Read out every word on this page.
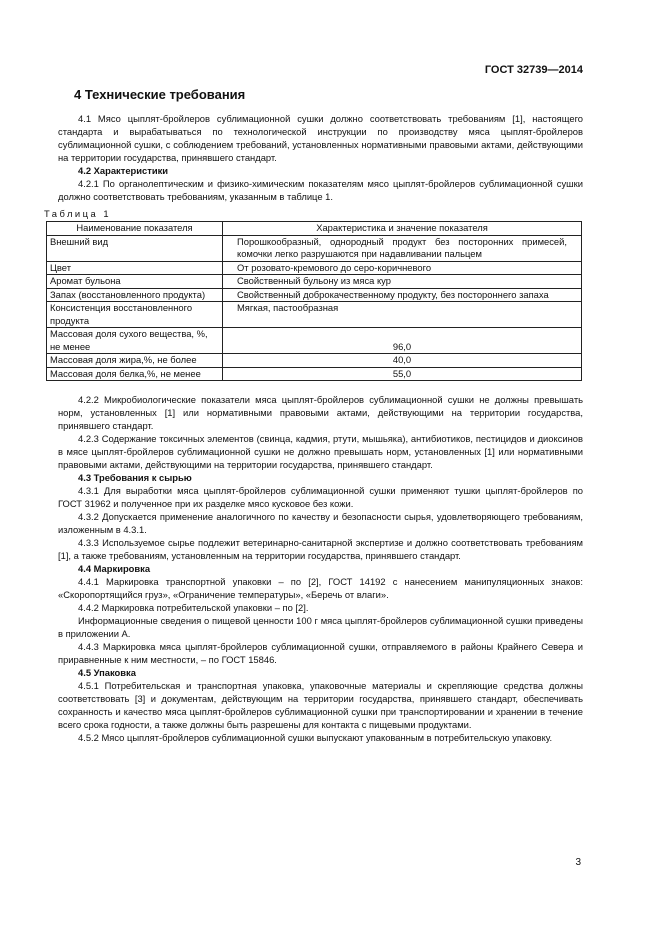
ГОСТ 32739—2014
4 Технические требования

4.1 Мясо цыплят-бройлеров сублимационной сушки должно соответствовать требованиям [1], настоящего стандарта и вырабатываться по технологической инструкции по производству мяса цыплят-бройлеров сублимационной сушки, с соблюдением требований, установленных нормативными правовыми актами, действующими на территории государства, принявшего стандарт.

4.2 Характеристики

4.2.1 По органолептическим и физико-химическим показателям мясо цыплят-бройлеров сублимационной сушки должно соответствовать требованиям, указанным в таблице 1.

Таблица 1
Наименование показателя	Характеристика и значение показателя
Внешний вид	Порошкообразный, однородный продукт без посторонних примесей, комочки легко разрушаются при надавливании пальцем
Цвет	От розовато-кремового до серо-коричневого
Аромат бульона	Свойственный бульону из мяса кур
Запах (восстановленного продукта)	Свойственный доброкачественному продукту, без постороннего запаха
Консистенция восстановленного продукта	Мягкая, пастообразная
Массовая доля сухого вещества, %, не менее	96,0
Массовая доля жира,%, не более	40,0
Массовая доля белка,%, не менее	55,0

4.2.2 Микробиологические показатели мяса цыплят-бройлеров сублимационной сушки не должны превышать норм, установленных [1] или нормативными правовыми актами, действующими на территории государства, принявшего стандарт.

4.2.3 Содержание токсичных элементов (свинца, кадмия, ртути, мышьяка), антибиотиков, пестицидов и диоксинов в мясе цыплят-бройлеров сублимационной сушки не должно превышать норм, установленных [1] или нормативными правовыми актами, действующими на территории государства, принявшего стандарт.

4.3 Требования к сырью

4.3.1 Для выработки мяса цыплят-бройлеров сублимационной сушки применяют тушки цыплят-бройлеров по ГОСТ 31962 и полученное при их разделке мясо кусковое без кожи.

4.3.2 Допускается применение аналогичного по качеству и безопасности сырья, удовлетворяющего требованиям, изложенным в 4.3.1.

4.3.3 Используемое сырье подлежит ветеринарно-санитарной экспертизе и должно соответствовать требованиям [1], а также требованиям, установленным на территории государства, принявшего стандарт.

4.4 Маркировка

4.4.1 Маркировка транспортной упаковки – по [2], ГОСТ 14192 с нанесением манипуляционных знаков: «Скоропортящийся груз», «Ограничение температуры», «Беречь от влаги».

4.4.2 Маркировка потребительской упаковки – по [2].

Информационные сведения о пищевой ценности 100 г мяса цыплят-бройлеров сублимационной сушки приведены в приложении А.

4.4.3 Маркировка мяса цыплят-бройлеров сублимационной сушки, отправляемого в районы Крайнего Севера и приравненные к ним местности, – по ГОСТ 15846.

4.5 Упаковка

4.5.1 Потребительская и транспортная упаковка, упаковочные материалы и скрепляющие средства должны соответствовать [3] и документам, действующим на территории государства, принявшего стандарт, обеспечивать сохранность и качество мяса цыплят-бройлеров сублимационной сушки при транспортировании и хранении в течение всего срока годности, а также должны быть разрешены для контакта с пищевыми продуктами.

4.5.2 Мясо цыплят-бройлеров сублимационной сушки выпускают упакованным в потребительскую упаковку.

3
